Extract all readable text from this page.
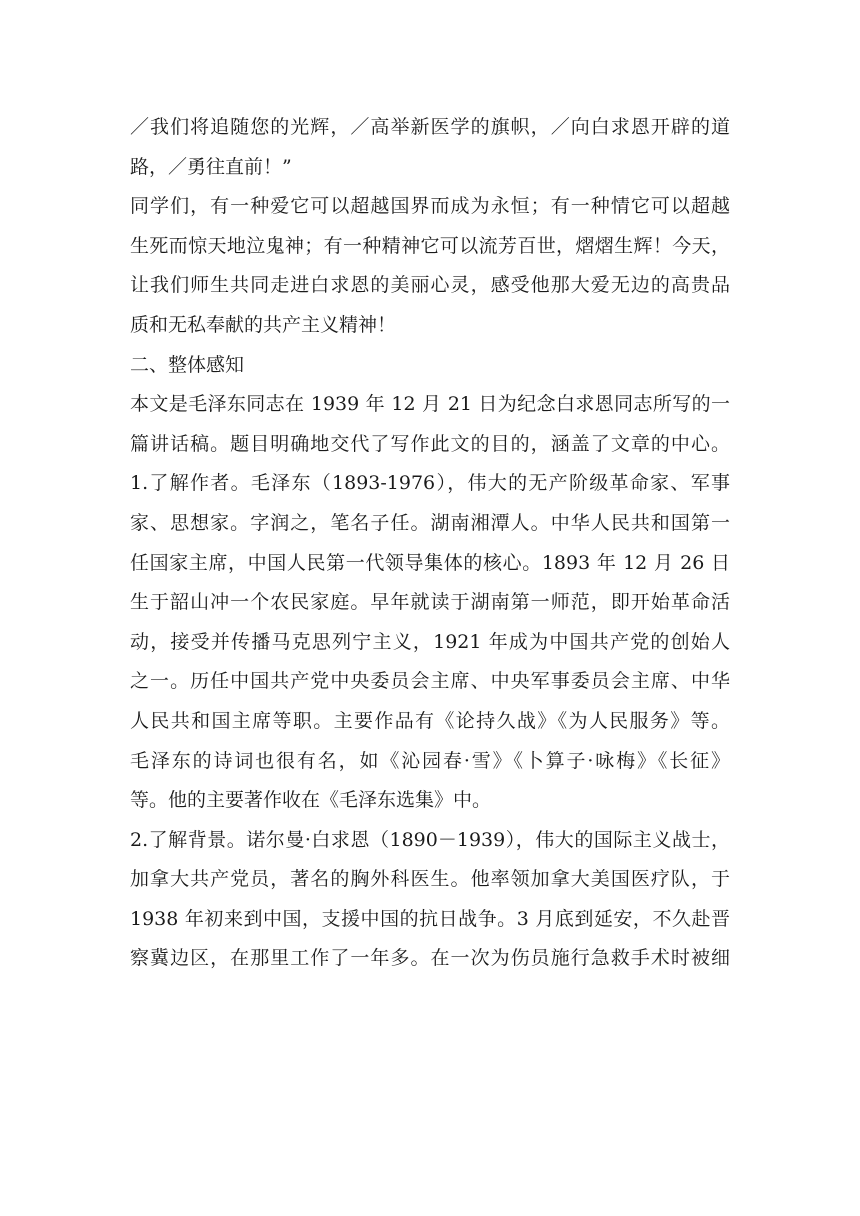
／我们将追随您的光辉，／高举新医学的旗帜，／向白求恩开辟的道
路，／勇往直前！”
同学们，有一种爱它可以超越国界而成为永恒；有一种情它可以超越
生死而惊天地泣鬼神；有一种精神它可以流芳百世，熠熠生辉！今天，
让我们师生共同走进白求恩的美丽心灵，感受他那大爱无边的高贵品
质和无私奉献的共产主义精神！
二、整体感知
本文是毛泽东同志在 1939 年 12 月 21 日为纪念白求恩同志所写的一
篇讲话稿。题目明确地交代了写作此文的目的，涵盖了文章的中心。
1.了解作者。毛泽东（1893-1976），伟大的无产阶级革命家、军事
家、思想家。字润之，笔名子任。湖南湘潭人。中华人民共和国第一
任国家主席，中国人民第一代领导集体的核心。1893 年 12 月 26 日
生于韶山冲一个农民家庭。早年就读于湖南第一师范，即开始革命活
动，接受并传播马克思列宁主义，1921 年成为中国共产党的创始人
之一。历任中国共产党中央委员会主席、中央军事委员会主席、中华
人民共和国主席等职。主要作品有《论持久战》《为人民服务》等。
毛泽东的诗词也很有名，如《沁园春·雪》《卜算子·咏梅》《长征》
等。他的主要著作收在《毛泽东选集》中。
2.了解背景。诺尔曼·白求恩（1890－1939），伟大的国际主义战士，
加拿大共产党员，著名的胸外科医生。他率领加拿大美国医疗队，于
1938 年初来到中国，支援中国的抗日战争。3 月底到延安，不久赴晋
察冀边区，在那里工作了一年多。在一次为伤员施行急救手术时被细
